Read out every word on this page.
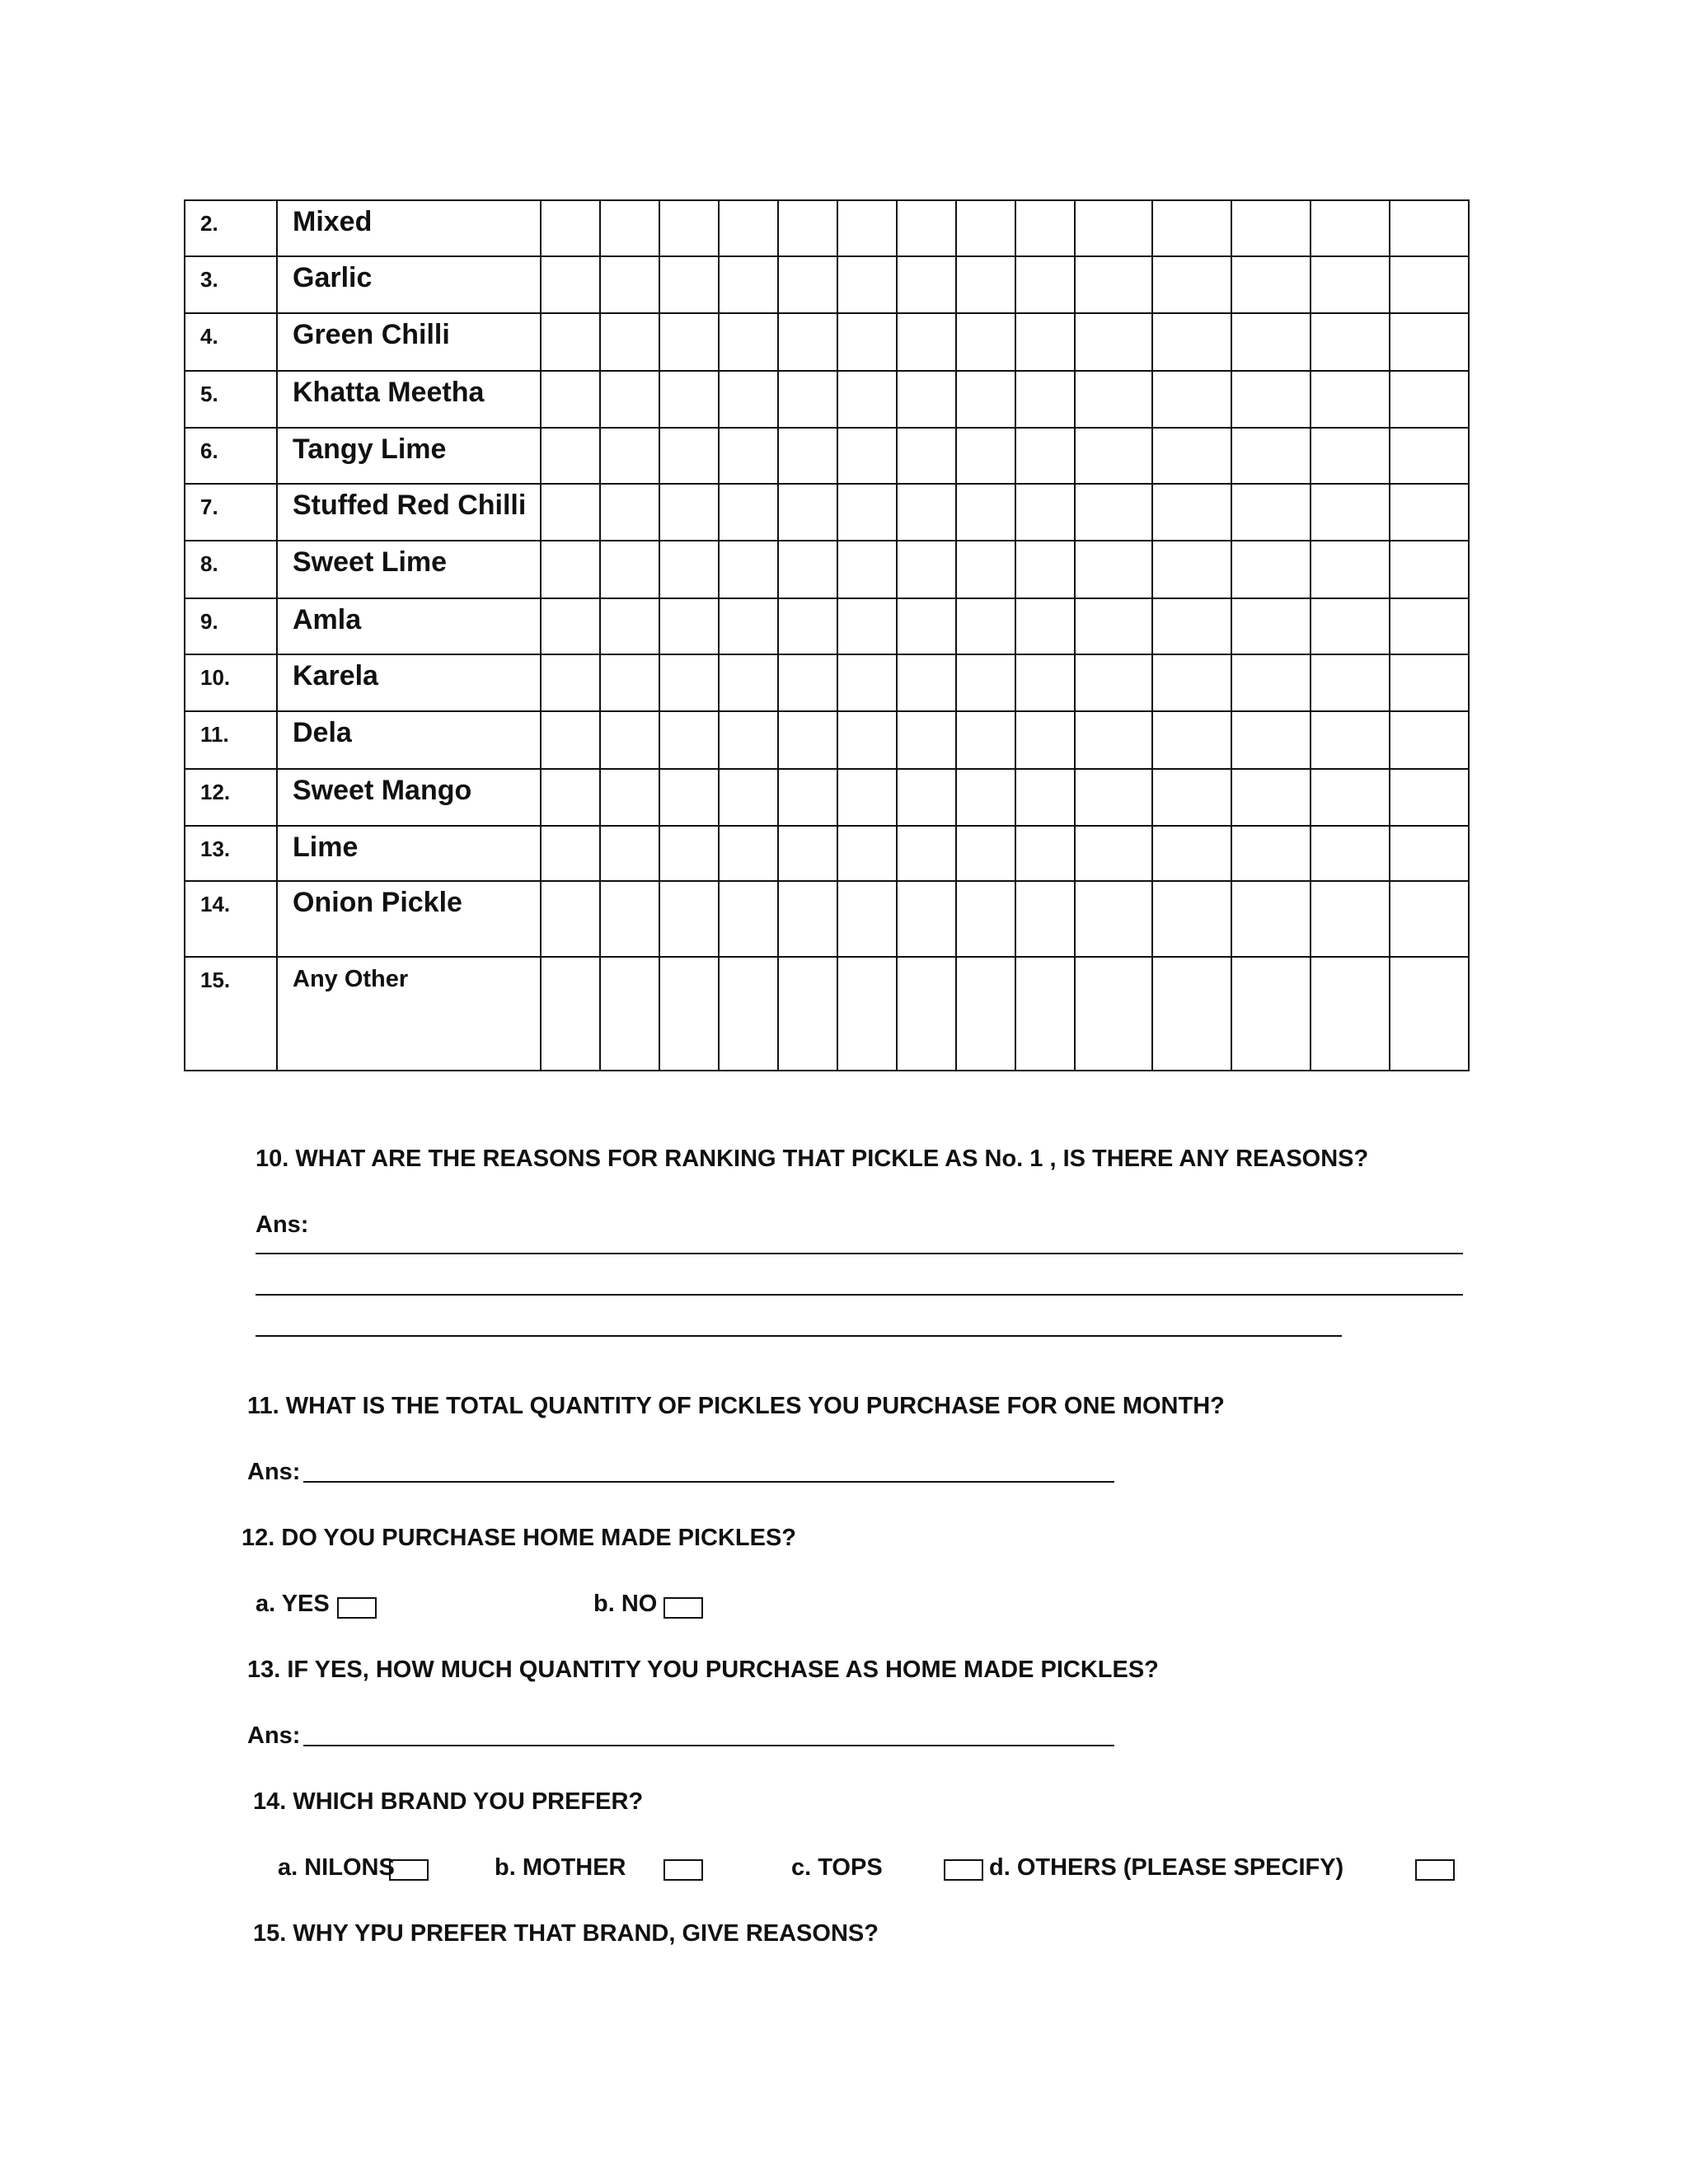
2.	Mixed														

3.	Garlic														

4.	Green Chilli														

5.	Khatta Meetha														

6.	Tangy Lime														

7.	Stuffed Red Chilli														

8.	Sweet Lime														

9.	Amla														

10.	Karela														

11.	Dela														

12.	Sweet Mango														

13.	Lime														

14.	Onion Pickle														

15.	Any Other														

10. WHAT ARE THE REASONS FOR RANKING THAT PICKLE AS No. 1 , IS THERE ANY REASONS?
Ans:
11. WHAT IS THE TOTAL QUANTITY OF PICKLES YOU PURCHASE FOR ONE MONTH?
Ans:
12. DO YOU PURCHASE HOME MADE PICKLES?
a. YES	b. NO
13. IF YES, HOW MUCH QUANTITY YOU PURCHASE AS HOME MADE PICKLES?
Ans:
14. WHICH BRAND YOU PREFER?
a. NILONS	b. MOTHER	c. TOPS	d. OTHERS (PLEASE SPECIFY)
15. WHY YPU PREFER THAT BRAND, GIVE REASONS?
